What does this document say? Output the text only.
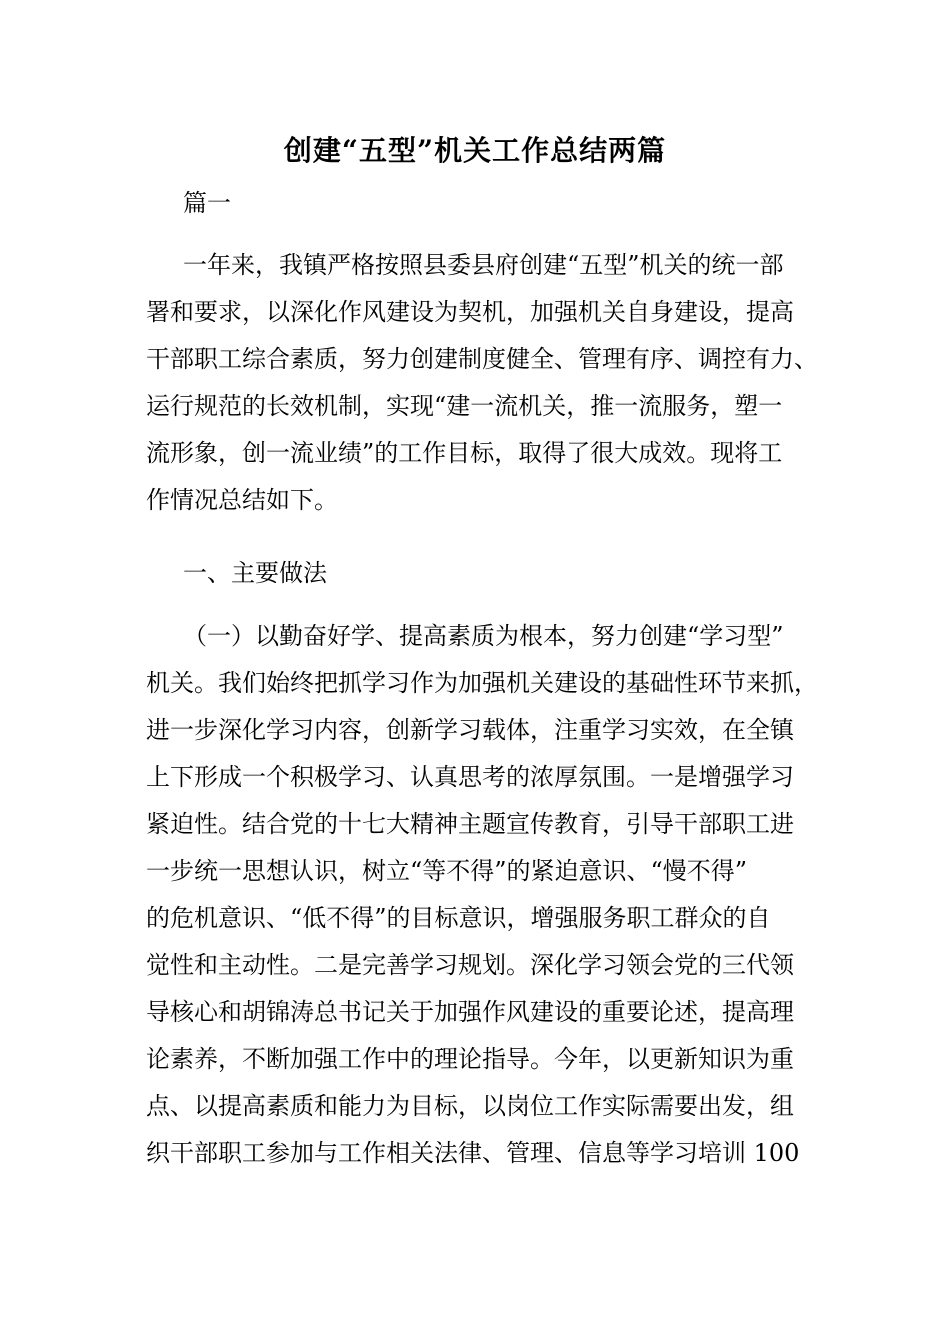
创建“五型”机关工作总结两篇
篇一
一年来，我镇严格按照县委县府创建“五型”机关的统一部
署和要求，以深化作风建设为契机，加强机关自身建设，提高
干部职工综合素质，努力创建制度健全、管理有序、调控有力、
运行规范的长效机制，实现“建一流机关，推一流服务，塑一
流形象，创一流业绩”的工作目标，取得了很大成效。现将工
作情况总结如下。
一、主要做法
（一）以勤奋好学、提高素质为根本，努力创建“学习型”
机关。我们始终把抓学习作为加强机关建设的基础性环节来抓，
进一步深化学习内容，创新学习载体，注重学习实效，在全镇
上下形成一个积极学习、认真思考的浓厚氛围。一是增强学习
紧迫性。结合党的十七大精神主题宣传教育，引导干部职工进
一步统一思想认识，树立“等不得”的紧迫意识、“慢不得”
的危机意识、“低不得”的目标意识，增强服务职工群众的自
觉性和主动性。二是完善学习规划。深化学习领会党的三代领
导核心和胡锦涛总书记关于加强作风建设的重要论述，提高理
论素养，不断加强工作中的理论指导。今年，以更新知识为重
点、以提高素质和能力为目标，以岗位工作实际需要出发，组
织干部职工参加与工作相关法律、管理、信息等学习培训 100
